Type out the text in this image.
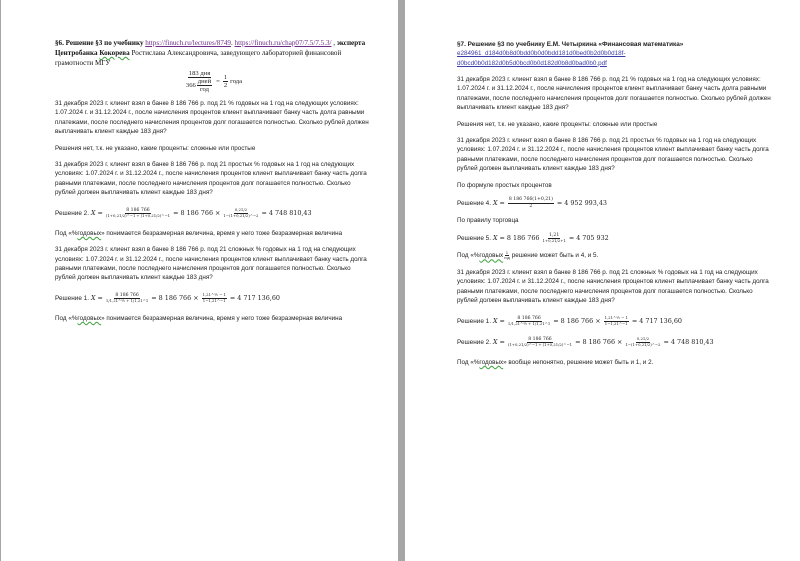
§6. Решение §3 по учебнику https://finuch.ru/lectures/8749. https://finuch.ru/chap07/7.5/7.5.3/ , эксперта Центробанка Кокорева Ростислава Александровича, заведующего лабораторией финансовой грамотности МГУ

$\frac{\text{183 дня}}{366 \frac{\text{дней}}{\text{год}}} = \frac{1}{2}$ года

31 декабря 2023 г. клиент взял в банке 8 186 766 р. под 21 % годовых на 1 год на следующих условиях: 1.07.2024 г. и 31.12.2024 г., после начисления процентов клиент выплачивает банку часть долга равными платежами, после последнего начисления процентов долг погашается полностью. Сколько рублей должен выплачивать клиент каждые 183 дня?

Решения нет, т.к. не указано, какие проценты: сложные или простые

31 декабря 2023 г. клиент взял в банке 8 186 766 р. под 21 простых % годовых на 1 год на следующих условиях: 1.07.2024 г. и 31.12.2024 г., после начисления процентов клиент выплачивает банку часть долга равными платежами, после последнего начисления процентов долг погашается полностью. Сколько рублей должен выплачивать клиент каждые 183 дня?

Решение 2. $X = \frac{8 186 766}{(1+0,21/2)\^{}-1 + (1+0,21/2)\^{}-1} = 8$ 186 $766 \times \frac{0,21/2}{1-(1+0,21/2)\^{}-2} = 4$ 748 810,43

Под «%годовых» понимается безразмерная величина, время у него тоже безразмерная величина

31 декабря 2023 г. клиент взял в банке 8 186 766 р. под 21 сложных % годовых на 1 год на следующих условиях: 1.07.2024 г. и 31.12.2024 г., после начисления процентов клиент выплачивает банку часть долга равными платежами, после последнего начисления процентов долг погашается полностью. Сколько рублей должен выплачивать клиент каждые 183 дня?

Решение 1. $X = \frac{8 186 766}{\text{1/1,21\textasciicircum{}½ + 1/1,21\textasciicircum{}1}} = 8$ 186 $766 \times \frac{\text{1,21\textasciicircum{}½ − 1}}{1-1,21\^{}-1} = 4$ 717 136,60

Под «%годовых» понимается безразмерная величина, время у него тоже безразмерная величина

§7. Решение §3 по учебнику Е.М. Четыркина «Финансовая математика»

e284961_d184d0b8d0bdd0b0d0bdd181d0bed0b2d0b0d18f-
d0bcd0b0d182d0b5d0bcd0b0d182d0b8d0bad0b0.pdf

31 декабря 2023 г. клиент взял в банке 8 186 766 р. под 21 % годовых на 1 год на следующих условиях: 1.07.2024 г. и 31.12.2024 г., после начисления процентов клиент выплачивает банку часть долга равными платежами, после последнего начисления процентов долг погашается полностью. Сколько рублей должен выплачивать клиент каждые 183 дня?

Решения нет, т.к. не указано, какие проценты: сложные или простые

31 декабря 2023 г. клиент взял в банке 8 186 766 р. под 21 простых % годовых на 1 год на следующих условиях: 1.07.2024 г. и 31.12.2024 г., после начисления процентов клиент выплачивает банку часть долга равными платежами, после последнего начисления процентов долг погашается полностью. Сколько рублей должен выплачивать клиент каждые 183 дня?

По формуле простых процентов

Решение 4. $X = \frac{8 186 766(1+0,21)}{2} = 4$ 952 993,43

По правилу торговца

Решение 5. X = 8 186 $766 \frac{1,21}{1+0,21/2+1} = 4$ 705 932

Под «% годовых $\frac{1}{\text{год}}$ решение может быть и 4, и 5.

31 декабря 2023 г. клиент взял в банке 8 186 766 р. под 21 сложных % годовых на 1 год на следующих условиях: 1.07.2024 г. и 31.12.2024 г., после начисления процентов клиент выплачивает банку часть долга равными платежами, после последнего начисления процентов долг погашается полностью. Сколько рублей должен выплачивать клиент каждые 183 дня?

Решение 1. $X = \frac{8 186 766}{\text{1/1,21\textasciicircum{}½ + 1/1,21\textasciicircum{}1}} = 8$ 186 $766 \times \frac{\text{1,21\textasciicircum{}½ − 1}}{1-1,21\^{}-1} = 4$ 717 136,60
Решение 2. $X = \frac{8 186 766}{(1+0,21/2)\^{}-1 + (1+0,21/2)\^{}-1} = 8$ 186 $766 \times \frac{0,21/2}{1-(1+0,21/2)\^{}-2} = 4$ 748 810,43

Под «%годовых» вообще непонятно, решение может быть и 1, и 2.
